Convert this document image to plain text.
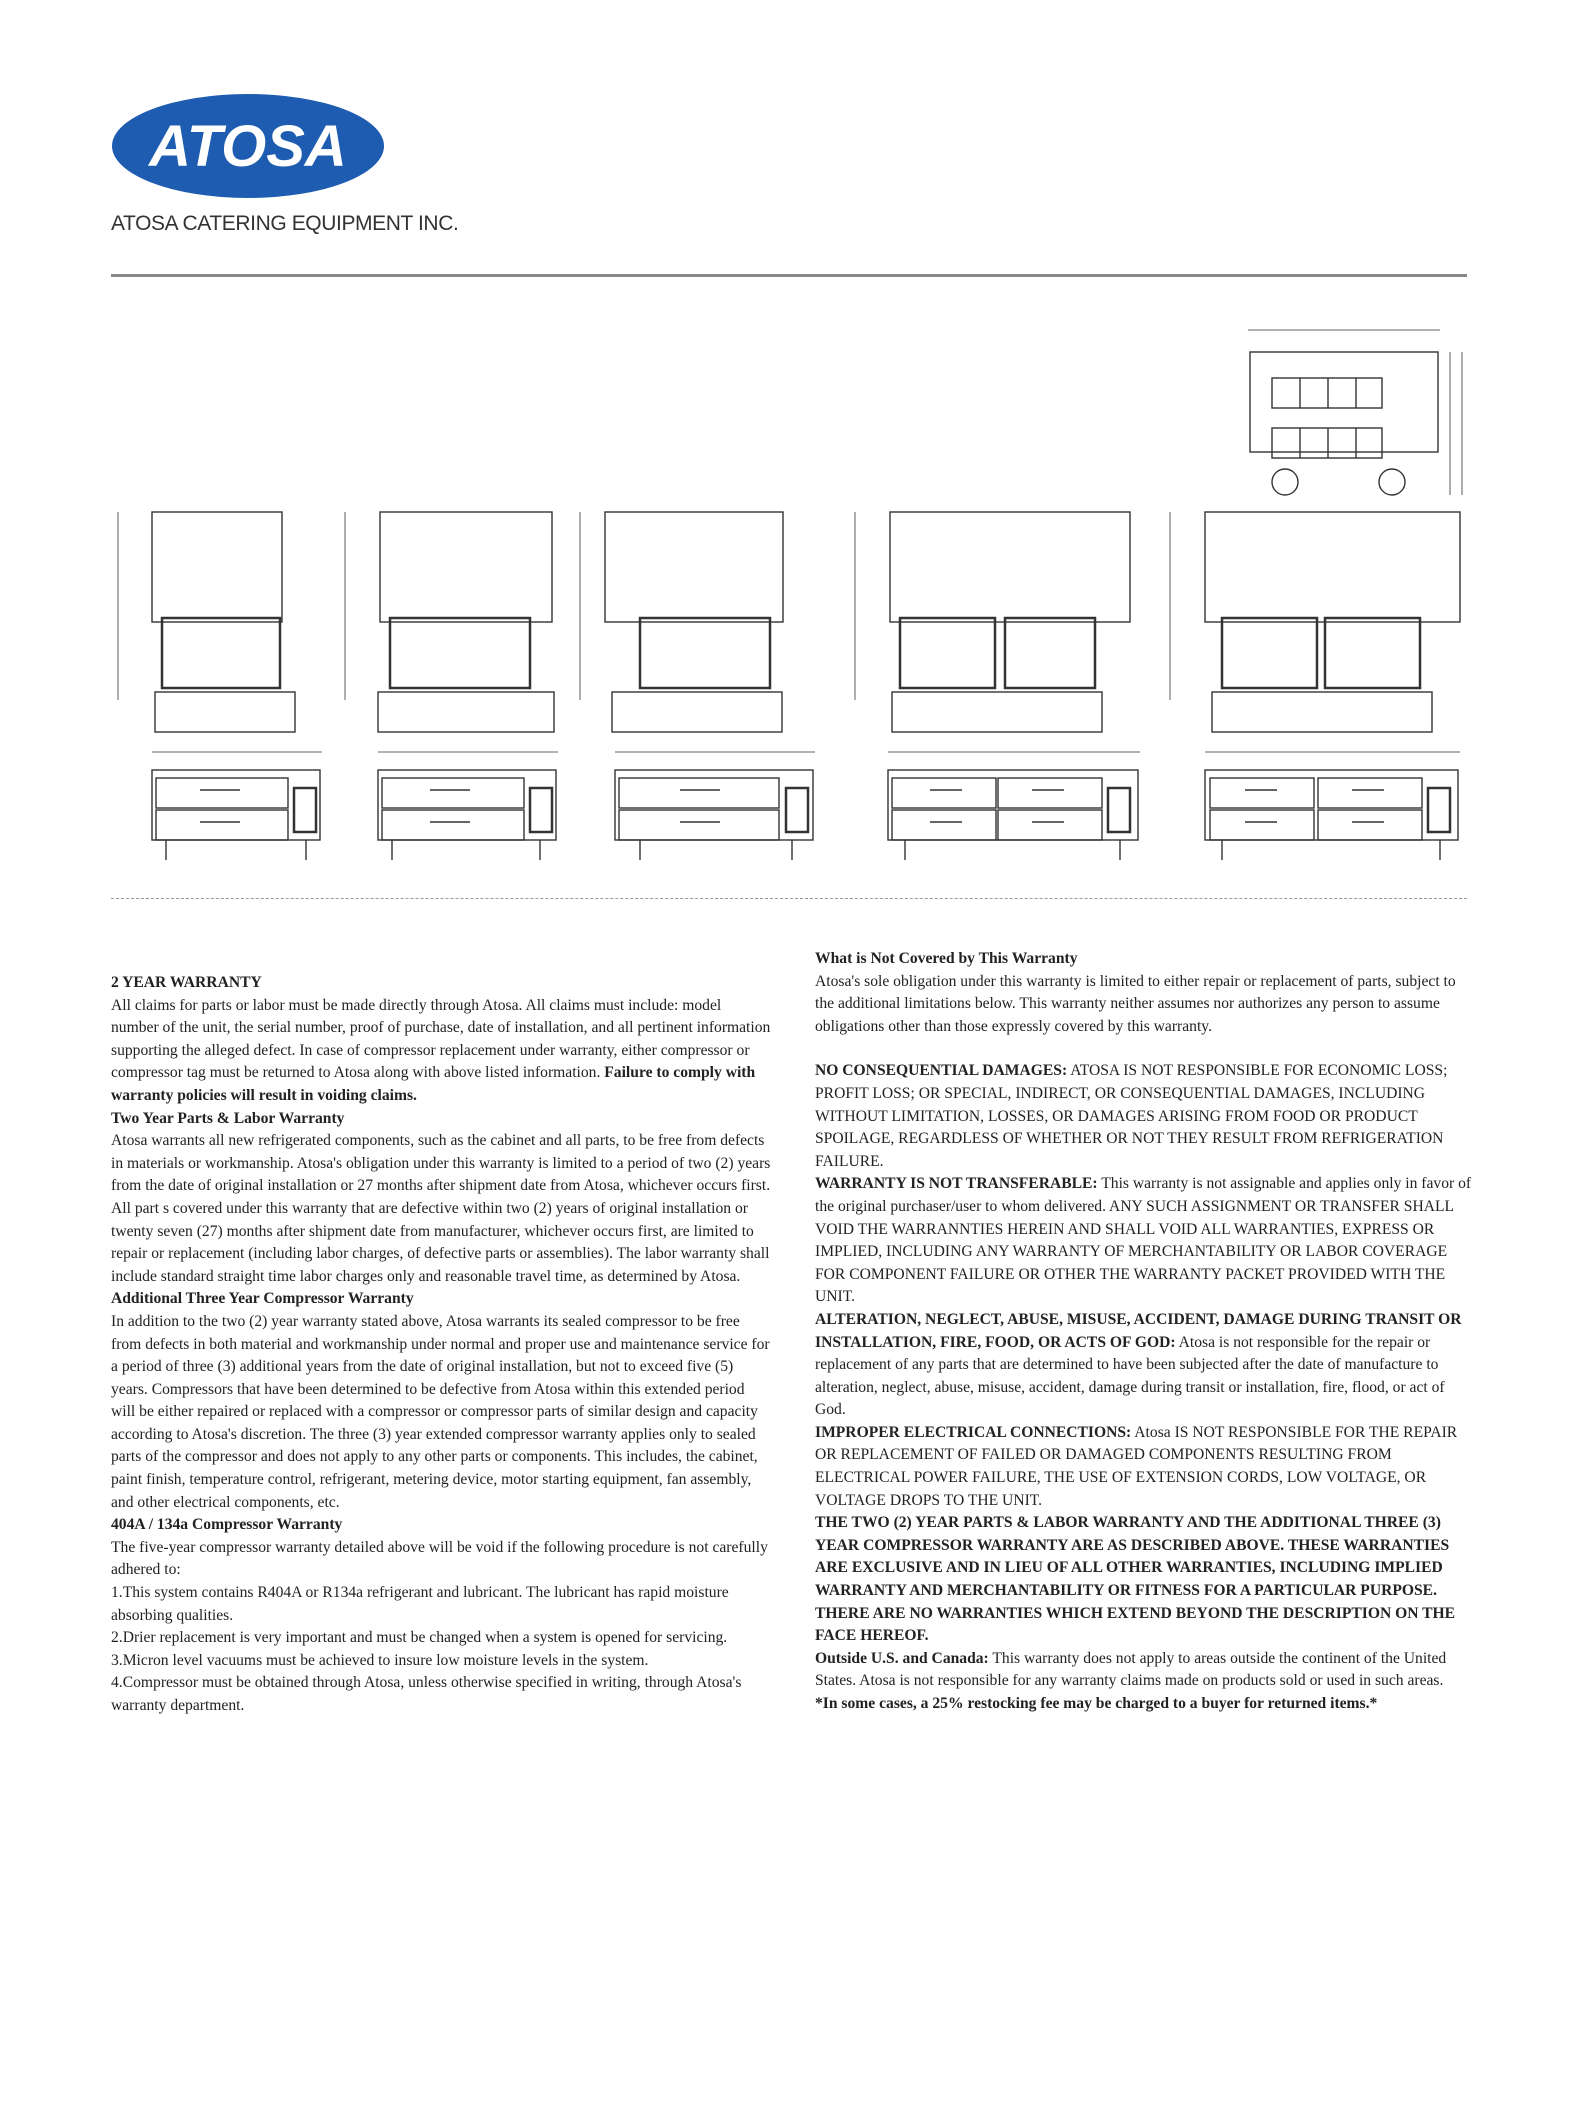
ATOSA
ATOSA CATERING EQUIPMENT INC.

2 YEAR WARRANTY

All claims for parts or labor must be made directly through Atosa. All claims must include: model number of the unit, the serial number, proof of purchase, date of installation, and all pertinent information supporting the alleged defect. In case of compressor replacement under warranty, either compressor or compressor tag must be returned to Atosa along with above listed information. Failure to comply with warranty policies will result in voiding claims.

Two Year Parts & Labor Warranty

Atosa warrants all new refrigerated components, such as the cabinet and all parts, to be free from defects in materials or workmanship. Atosa's obligation under this warranty is limited to a period of two (2) years from the date of original installation or 27 months after shipment date from Atosa, whichever occurs first. All part s covered under this warranty that are defective within two (2) years of original installation or twenty seven (27) months after shipment date from manufacturer, whichever occurs first, are limited to repair or replacement (including labor charges, of defective parts or assemblies). The labor warranty shall include standard straight time labor charges only and reasonable travel time, as determined by Atosa.

Additional Three Year Compressor Warranty

In addition to the two (2) year warranty stated above, Atosa warrants its sealed compressor to be free from defects in both material and workmanship under normal and proper use and maintenance service for a period of three (3) additional years from the date of original installation, but not to exceed five (5) years. Compressors that have been determined to be defective from Atosa within this extended period will be either repaired or replaced with a compressor or compressor parts of similar design and capacity according to Atosa's discretion. The three (3) year extended compressor warranty applies only to sealed parts of the compressor and does not apply to any other parts or components. This includes, the cabinet, paint finish, temperature control, refrigerant, metering device, motor starting equipment, fan assembly, and other electrical components, etc.

404A / 134a Compressor Warranty

The five-year compressor warranty detailed above will be void if the following procedure is not carefully adhered to:

1.This system contains R404A or R134a refrigerant and lubricant. The lubricant has rapid moisture absorbing qualities.

2.Drier replacement is very important and must be changed when a system is opened for servicing.

3.Micron level vacuums must be achieved to insure low moisture levels in the system.

4.Compressor must be obtained through Atosa, unless otherwise specified in writing, through Atosa's warranty department.

What is Not Covered by This Warranty

Atosa's sole obligation under this warranty is limited to either repair or replacement of parts, subject to the additional limitations below. This warranty neither assumes nor authorizes any person to assume obligations other than those expressly covered by this warranty.

NO CONSEQUENTIAL DAMAGES: ATOSA IS NOT RESPONSIBLE FOR ECONOMIC LOSS; PROFIT LOSS; OR SPECIAL, INDIRECT, OR CONSEQUENTIAL DAMAGES, INCLUDING WITHOUT LIMITATION, LOSSES, OR DAMAGES ARISING FROM FOOD OR PRODUCT SPOILAGE, REGARDLESS OF WHETHER OR NOT THEY RESULT FROM REFRIGERATION FAILURE.

WARRANTY IS NOT TRANSFERABLE: This warranty is not assignable and applies only in favor of the original purchaser/user to whom delivered. ANY SUCH ASSIGNMENT OR TRANSFER SHALL VOID THE WARRANNTIES HEREIN AND SHALL VOID ALL WARRANTIES, EXPRESS OR IMPLIED, INCLUDING ANY WARRANTY OF MERCHANTABILITY OR LABOR COVERAGE FOR COMPONENT FAILURE OR OTHER THE WARRANTY PACKET PROVIDED WITH THE UNIT.

ALTERATION, NEGLECT, ABUSE, MISUSE, ACCIDENT, DAMAGE DURING TRANSIT OR INSTALLATION, FIRE, FOOD, OR ACTS OF GOD: Atosa is not responsible for the repair or replacement of any parts that are determined to have been subjected after the date of manufacture to alteration, neglect, abuse, misuse, accident, damage during transit or installation, fire, flood, or act of God.

IMPROPER ELECTRICAL CONNECTIONS: Atosa IS NOT RESPONSIBLE FOR THE REPAIR OR REPLACEMENT OF FAILED OR DAMAGED COMPONENTS RESULTING FROM ELECTRICAL POWER FAILURE, THE USE OF EXTENSION CORDS, LOW VOLTAGE, OR VOLTAGE DROPS TO THE UNIT.

THE TWO (2) YEAR PARTS & LABOR WARRANTY AND THE ADDITIONAL THREE (3) YEAR COMPRESSOR WARRANTY ARE AS DESCRIBED ABOVE. THESE WARRANTIES ARE EXCLUSIVE AND IN LIEU OF ALL OTHER WARRANTIES, INCLUDING IMPLIED WARRANTY AND MERCHANTABILITY OR FITNESS FOR A PARTICULAR PURPOSE. THERE ARE NO WARRANTIES WHICH EXTEND BEYOND THE DESCRIPTION ON THE FACE HEREOF.

Outside U.S. and Canada: This warranty does not apply to areas outside the continent of the United States. Atosa is not responsible for any warranty claims made on products sold or used in such areas.

*In some cases, a 25% restocking fee may be charged to a buyer for returned items.*
